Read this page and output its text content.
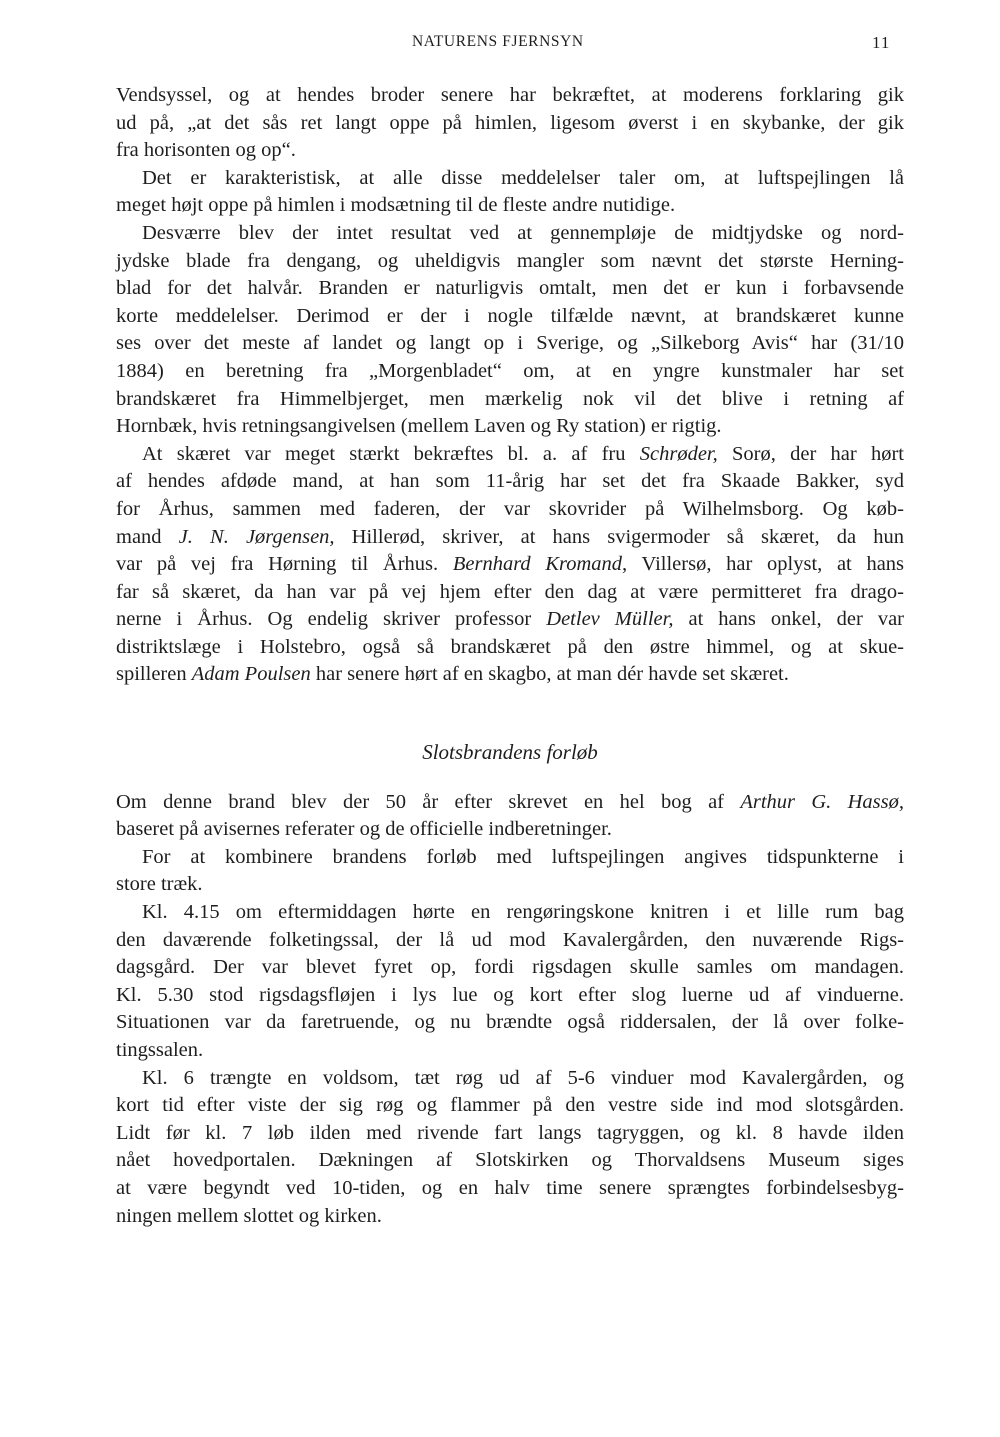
NATURENS FJERNSYN	11
Vendsyssel, og at hendes broder senere har bekræftet, at moderens forklaring gik
ud på, „at det sås ret langt oppe på himlen, ligesom øverst i en skybanke, der gik
fra horisonten og op“.
Det er karakteristisk, at alle disse meddelelser taler om, at luftspejlingen lå
meget højt oppe på himlen i modsætning til de fleste andre nutidige.
Desværre blev der intet resultat ved at gennempløje de midtjydske og nord-
jydske blade fra dengang, og uheldigvis mangler som nævnt det største Herning-
blad for det halvår. Branden er naturligvis omtalt, men det er kun i forbavsende
korte meddelelser. Derimod er der i nogle tilfælde nævnt, at brandskæret kunne
ses over det meste af landet og langt op i Sverige, og „Silkeborg Avis“ har (31/10
1884) en beretning fra „Morgenbladet“ om, at en yngre kunstmaler har set
brandskæret fra Himmelbjerget, men mærkelig nok vil det blive i retning af
Hornbæk, hvis retningsangivelsen (mellem Laven og Ry station) er rigtig.
At skæret var meget stærkt bekræftes bl. a. af fru Schrøder, Sorø, der har hørt
af hendes afdøde mand, at han som 11-årig har set det fra Skaade Bakker, syd
for Århus, sammen med faderen, der var skovrider på Wilhelmsborg. Og køb-
mand J. N. Jørgensen, Hillerød, skriver, at hans svigermoder så skæret, da hun
var på vej fra Hørning til Århus. Bernhard Kromand, Villersø, har oplyst, at hans
far så skæret, da han var på vej hjem efter den dag at være permitteret fra drago-
nerne i Århus. Og endelig skriver professor Detlev Müller, at hans onkel, der var
distriktslæge i Holstebro, også så brandskæret på den østre himmel, og at skue-
spilleren Adam Poulsen har senere hørt af en skagbo, at man dér havde set skæret.
Slotsbrandens forløb
Om denne brand blev der 50 år efter skrevet en hel bog af Arthur G. Hassø,
baseret på avisernes referater og de officielle indberetninger.
For at kombinere brandens forløb med luftspejlingen angives tidspunkterne i
store træk.
Kl. 4.15 om eftermiddagen hørte en rengøringskone knitren i et lille rum bag
den daværende folketingssal, der lå ud mod Kavalergården, den nuværende Rigs-
dagsgård. Der var blevet fyret op, fordi rigsdagen skulle samles om mandagen.
Kl. 5.30 stod rigsdagsfløjen i lys lue og kort efter slog luerne ud af vinduerne.
Situationen var da faretruende, og nu brændte også riddersalen, der lå over folke-
tingssalen.
Kl. 6 trængte en voldsom, tæt røg ud af 5-6 vinduer mod Kavalergården, og
kort tid efter viste der sig røg og flammer på den vestre side ind mod slotsgården.
Lidt før kl. 7 løb ilden med rivende fart langs tagryggen, og kl. 8 havde ilden
nået hovedportalen. Dækningen af Slotskirken og Thorvaldsens Museum siges
at være begyndt ved 10-tiden, og en halv time senere sprængtes forbindelsesbyg-
ningen mellem slottet og kirken.
